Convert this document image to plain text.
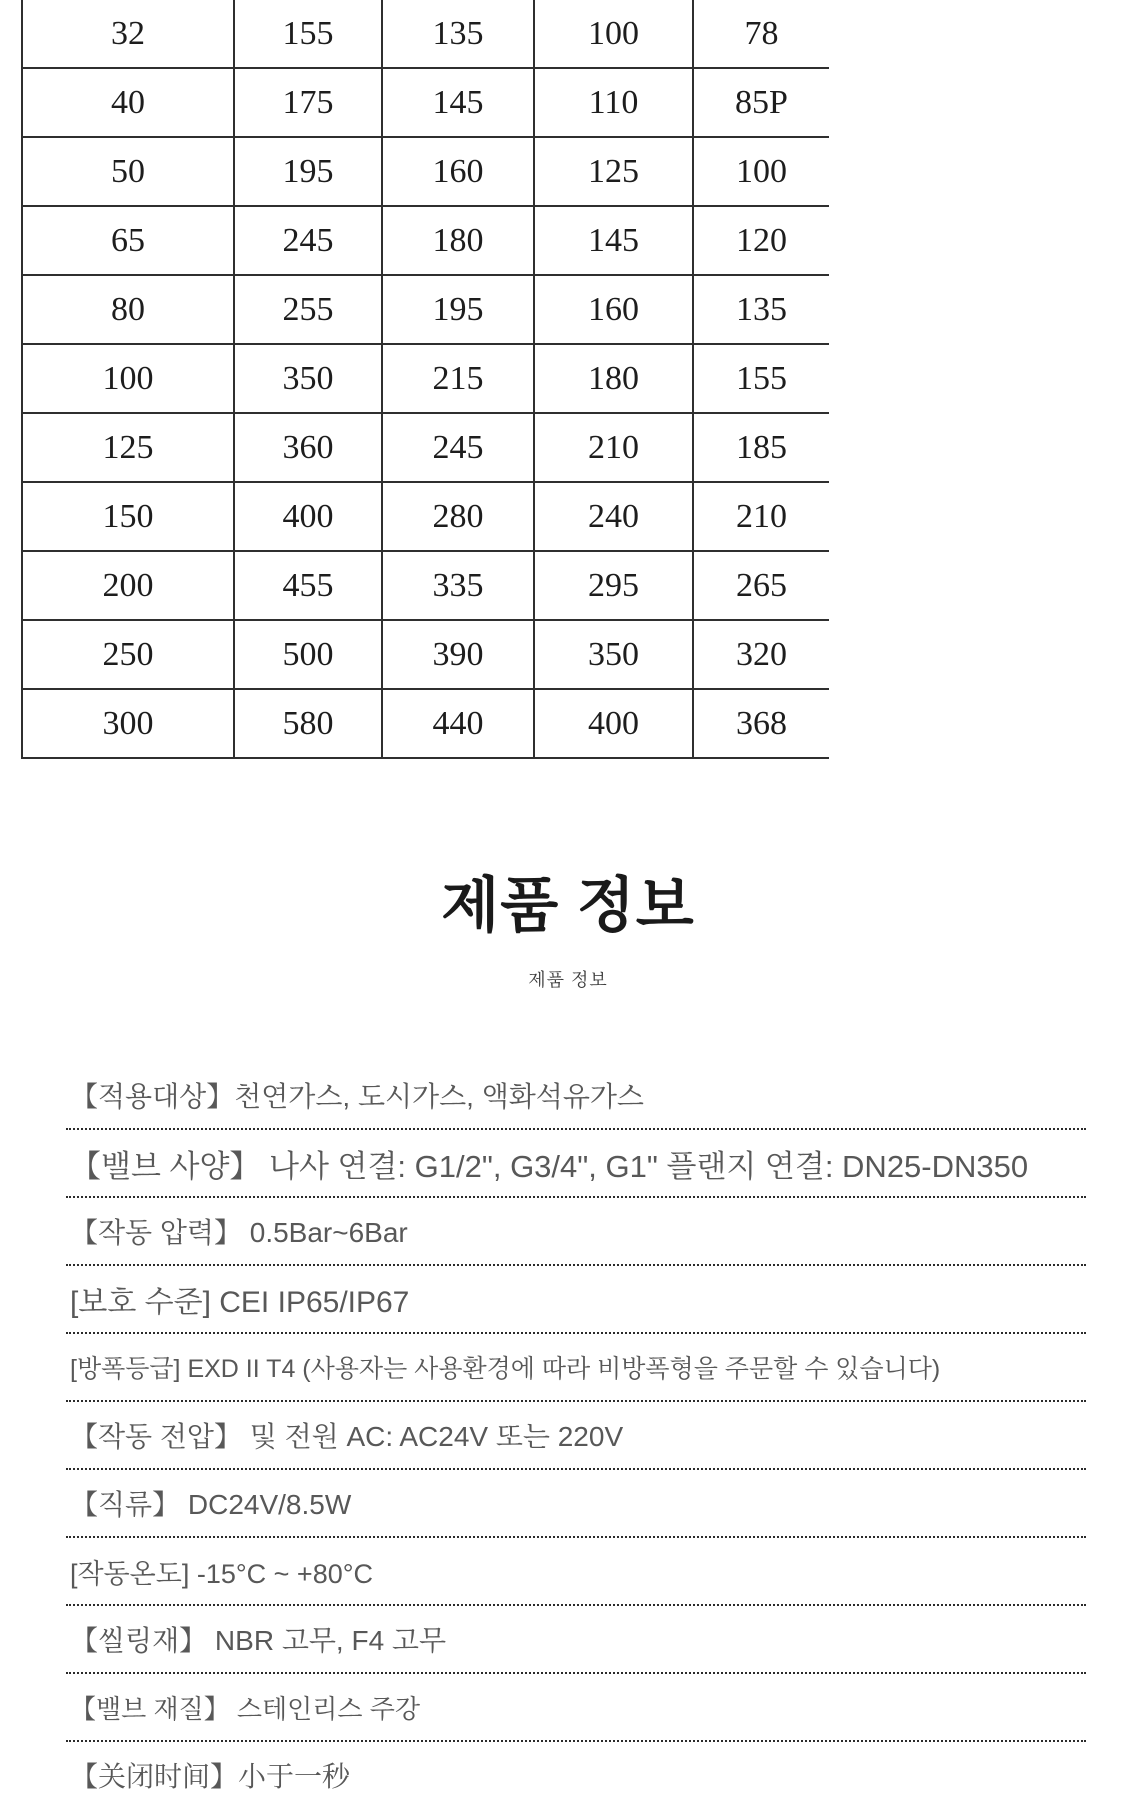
32	155	135	100	78
40	175	145	110	85P
50	195	160	125	100
65	245	180	145	120
80	255	195	160	135
100	350	215	180	155
125	360	245	210	185
150	400	280	240	210
200	455	335	295	265
250	500	390	350	320
300	580	440	400	368
제품 정보
제품 정보
【적용대상】천연가스, 도시가스, 액화석유가스
【밸브 사양】 나사 연결: G1/2", G3/4", G1" 플랜지 연결: DN25-DN350
【작동 압력】 0.5Bar~6Bar
[보호 수준] CEI IP65/IP67
[방폭등급] EXD II T4 (사용자는 사용환경에 따라 비방폭형을 주문할 수 있습니다)
【작동 전압】 및 전원 AC: AC24V 또는 220V
【직류】 DC24V/8.5W
[작동온도] -15°C ~ +80°C
【씰링재】 NBR 고무, F4 고무
【밸브 재질】 스테인리스 주강
【关闭时间】小于一秒
